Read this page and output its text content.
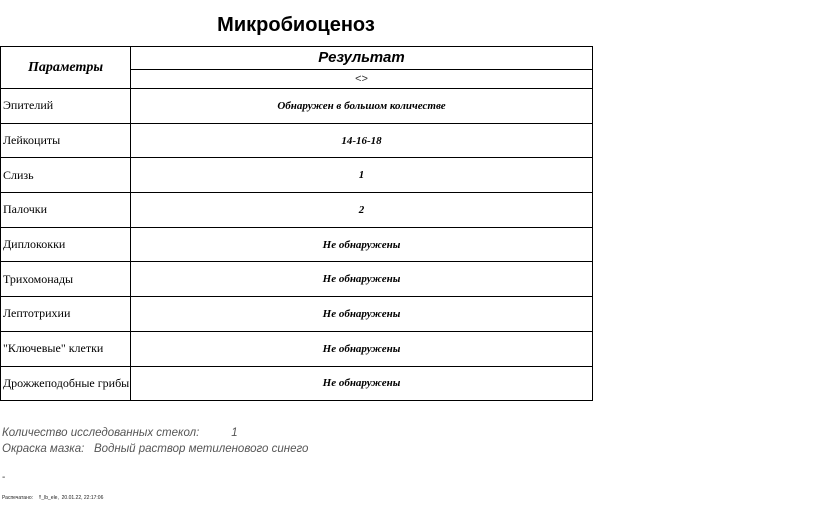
Микробиоценоз
Параметры	Результат
	<>
Эпителий	Обнаружен в большом количестве
Лейкоциты	14-16-18
Слизь	1
Палочки	2
Диплококки	Не обнаружены
Трихомонады	Не обнаружены
Лептотрихии	Не обнаружены
"Ключевые" клетки	Не обнаружены
Дрожжеподобные грибы	Не обнаружены
Количество исследованных стекол:	1
Окраска мазка: Водный раствор метиленового синего
-
Распечатано: !!_lb_ele, 20.01.22, 22:17:06
